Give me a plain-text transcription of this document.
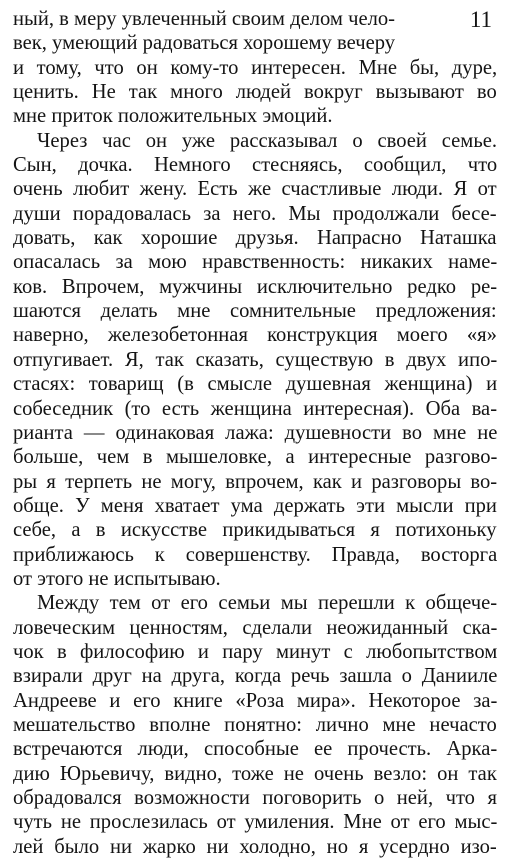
11
ный, в меру увлеченный своим делом чело-
век, умеющий радоваться хорошему вечеру
и тому, что он кому-то интересен. Мне бы, дуре,
ценить. Не так много людей вокруг вызывают во
мне приток положительных эмоций.
Через час он уже рассказывал о своей семье.
Сын, дочка. Немного стесняясь, сообщил, что
очень любит жену. Есть же счастливые люди. Я от
души порадовалась за него. Мы продолжали бесе-
довать, как хорошие друзья. Напрасно Наташка
опасалась за мою нравственность: никаких наме-
ков. Впрочем, мужчины исключительно редко ре-
шаются делать мне сомнительные предложения:
наверно, железобетонная конструкция моего «я»
отпугивает. Я, так сказать, существую в двух ипо-
стасях: товарищ (в смысле душевная женщина) и
собеседник (то есть женщина интересная). Оба ва-
рианта — одинаковая лажа: душевности во мне не
больше, чем в мышеловке, а интересные разгово-
ры я терпеть не могу, впрочем, как и разговоры во-
обще. У меня хватает ума держать эти мысли при
себе, а в искусстве прикидываться я потихоньку
приближаюсь к совершенству. Правда, восторга
от этого не испытываю.
Между тем от его семьи мы перешли к общече-
ловеческим ценностям, сделали неожиданный ска-
чок в философию и пару минут с любопытством
взирали друг на друга, когда речь зашла о Данииле
Андрееве и его книге «Роза мира». Некоторое за-
мешательство вполне понятно: лично мне нечасто
встречаются люди, способные ее прочесть. Арка-
дию Юрьевичу, видно, тоже не очень везло: он так
обрадовался возможности поговорить о ней, что я
чуть не прослезилась от умиления. Мне от его мыс-
лей было ни жарко ни холодно, но я усердно изо-
